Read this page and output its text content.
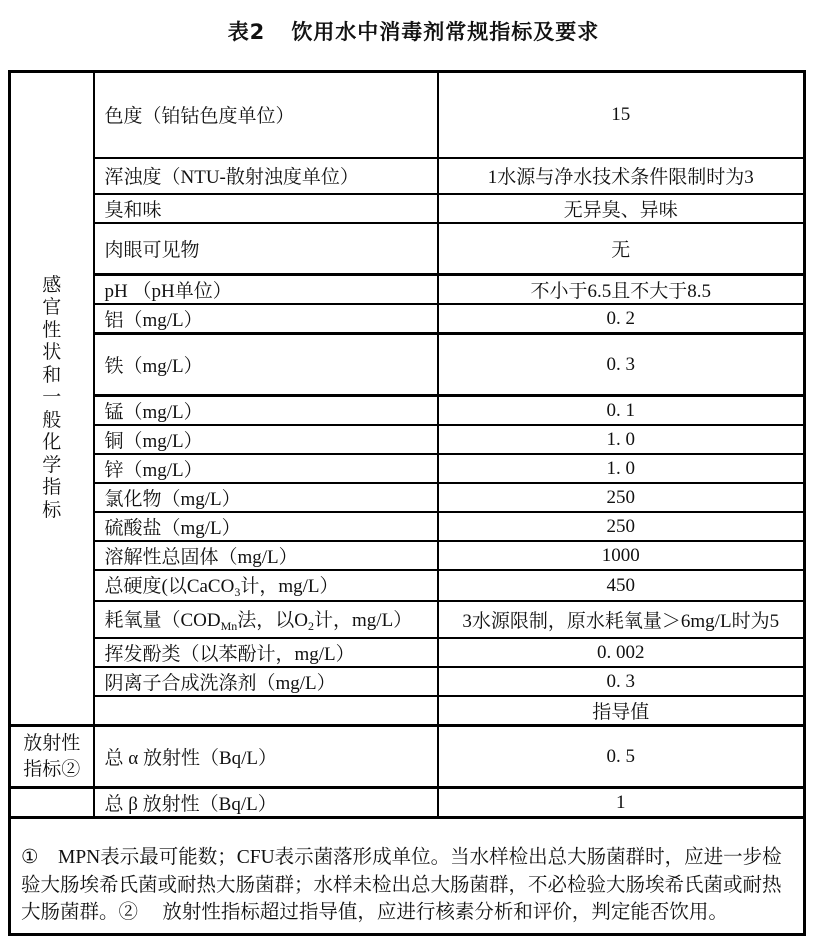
表2 饮用水中消毒剂常规指标及要求
感官性状和一般化学指标	色度（铂钴色度单位）	15
	浑浊度（NTU-散射浊度单位）	1水源与净水技术条件限制时为3
	臭和味	无异臭、异味
	肉眼可见物	无
	pH （pH单位）	不小于6.5且不大于8.5
	铝（mg/L）	0. 2
	铁（mg/L）	0. 3
	锰（mg/L）	0. 1
	铜（mg/L）	1. 0
	锌（mg/L）	1. 0
	氯化物（mg/L）	250
	硫酸盐（mg/L）	250
	溶解性总固体（mg/L）	1000
	总硬度(以CaCO$_3$计，mg/L）	450
	耗氧量（$COD_{Mn}$法，以$O_2$计，mg/L）	3水源限制，原水耗氧量＞6mg/L时为5
	挥发酚类（以苯酚计，mg/L）	0. 002
	阴离子合成洗涤剂（mg/L）	0. 3
		指导值

放射性指标②	总 α 放射性（Bq/L）	0. 5
	总 β 放射性（Bq/L）	1
①　MPN表示最可能数；CFU表示菌落形成单位。当水样检出总大肠菌群时，应进一步检验大肠埃希氏菌或耐热大肠菌群；水样未检出总大肠菌群，不必检验大肠埃希氏菌或耐热大肠菌群。②　 放射性指标超过指导值，应进行核素分析和评价，判定能否饮用。		
